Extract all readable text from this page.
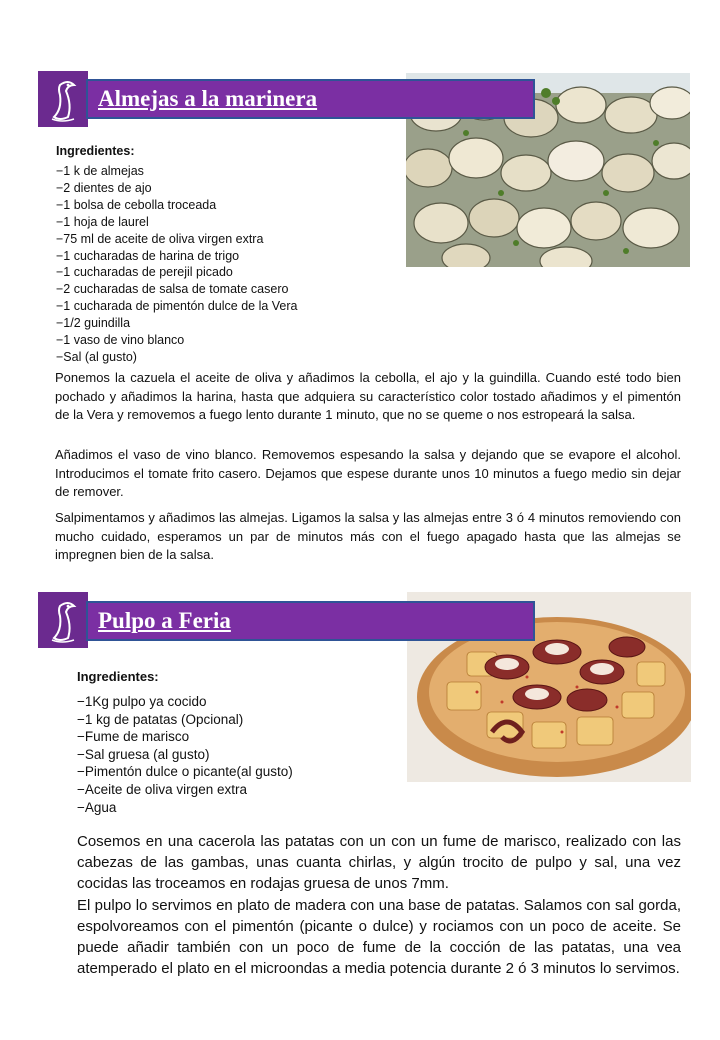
Almejas a la marinera
Ingredientes:
−1 k de almejas
−2 dientes de ajo
−1 bolsa de cebolla troceada
−1 hoja de laurel
−75 ml de aceite de oliva virgen extra
−1 cucharadas de harina de trigo
−1 cucharadas de perejil picado
−2 cucharadas de salsa de tomate casero
−1 cucharada de pimentón dulce de la Vera
−1/2 guindilla
−1 vaso de vino blanco
−Sal (al gusto)

Ponemos la cazuela el aceite de oliva y añadimos la cebolla, el ajo y la guindilla. Cuando esté todo bien pochado y añadimos la harina, hasta que adquiera su característico color tostado añadimos y el pimentón de la Vera y removemos a fuego lento durante 1 minuto, que no se queme o nos estropeará la salsa.

Añadimos el vaso de vino blanco. Removemos espesando la salsa y dejando que se evapore el alcohol. Introducimos el tomate frito casero. Dejamos que espese durante unos 10 minutos a fuego medio sin dejar de remover.

Salpimentamos y añadimos las almejas. Ligamos la salsa y las almejas entre 3 ó 4 minutos removiendo con mucho cuidado, esperamos un par de minutos más con el fuego apagado hasta que las almejas se impregnen bien de la salsa.

Pulpo a Feria
Ingredientes:
−1Kg pulpo ya cocido
−1 kg de patatas (Opcional)
−Fume de marisco
−Sal gruesa (al gusto)
−Pimentón dulce o picante(al gusto)
−Aceite de oliva virgen extra
−Agua

Cosemos en una cacerola las patatas con un con un fume de marisco, realizado con las cabezas de las gambas, unas cuanta chirlas, y algún trocito de pulpo y sal, una vez cocidas las troceamos en rodajas gruesa de unos 7mm.

El pulpo lo servimos en plato de madera con una base de patatas. Salamos con sal gorda, espolvoreamos con el pimentón (picante o dulce) y rociamos con un poco de aceite. Se puede añadir también con un poco de fume de la cocción de las patatas, una vea atemperado el plato en el microondas a media potencia durante 2 ó 3 minutos lo servimos.
